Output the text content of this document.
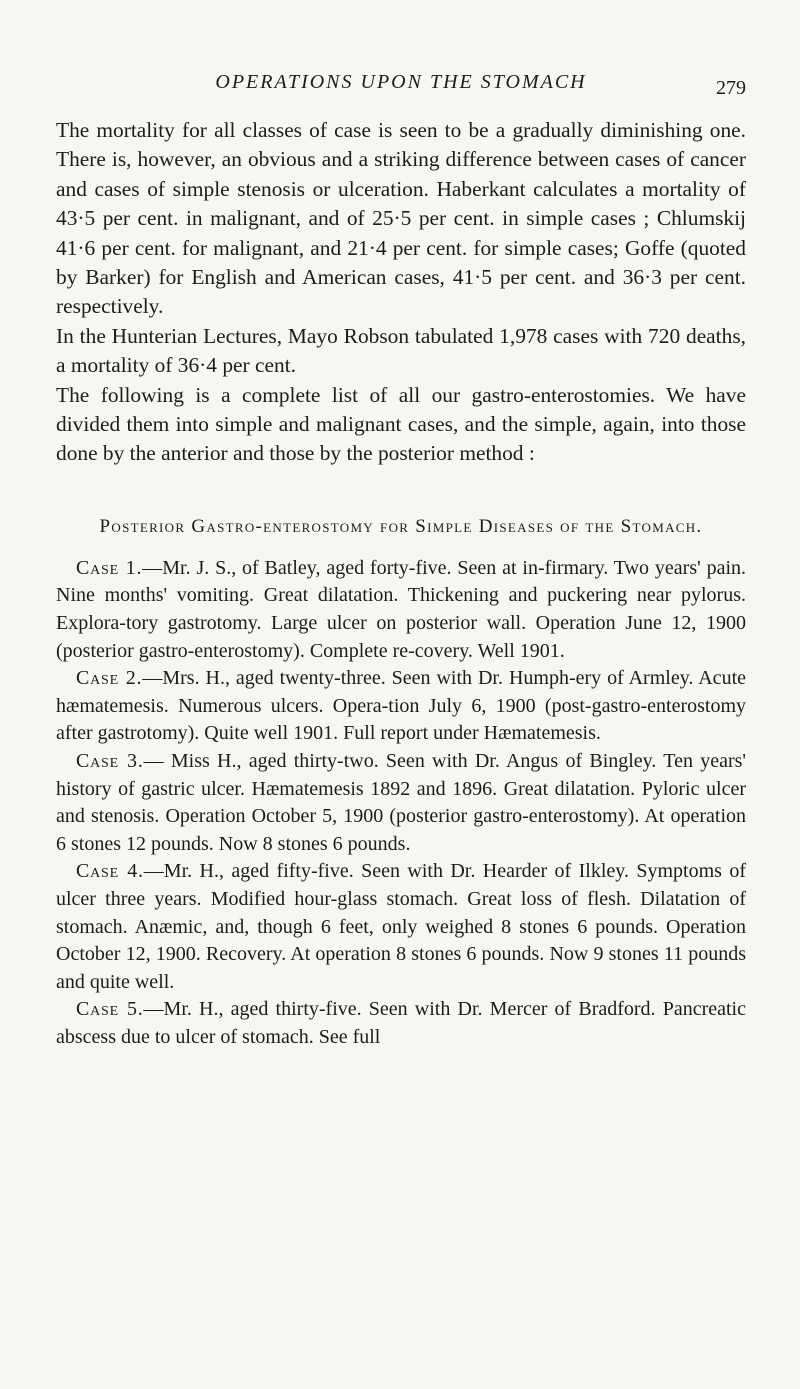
OPERATIONS UPON THE STOMACH	279

The mortality for all classes of case is seen to be a gradually diminishing one. There is, however, an obvious and a striking difference between cases of cancer and cases of simple stenosis or ulceration. Haberkant calculates a mortality of 43·5 per cent. in malignant, and of 25·5 per cent. in simple cases ; Chlumskij 41·6 per cent. for malignant, and 21·4 per cent. for simple cases; Goffe (quoted by Barker) for English and American cases, 41·5 per cent. and 36·3 per cent. respectively.

In the Hunterian Lectures, Mayo Robson tabulated 1,978 cases with 720 deaths, a mortality of 36·4 per cent.

The following is a complete list of all our gastro-enterostomies. We have divided them into simple and malignant cases, and the simple, again, into those done by the anterior and those by the posterior method :

Posterior Gastro-enterostomy for Simple Diseases of the Stomach.

Case 1.—Mr. J. S., of Batley, aged forty-five. Seen at in-firmary. Two years' pain. Nine months' vomiting. Great dilatation. Thickening and puckering near pylorus. Explora-tory gastrotomy. Large ulcer on posterior wall. Operation June 12, 1900 (posterior gastro-enterostomy). Complete re-covery. Well 1901.

Case 2.—Mrs. H., aged twenty-three. Seen with Dr. Humph-ery of Armley. Acute hæmatemesis. Numerous ulcers. Opera-tion July 6, 1900 (post-gastro-enterostomy after gastrotomy). Quite well 1901. Full report under Hæmatemesis.

Case 3.— Miss H., aged thirty-two. Seen with Dr. Angus of Bingley. Ten years' history of gastric ulcer. Hæmatemesis 1892 and 1896. Great dilatation. Pyloric ulcer and stenosis. Operation October 5, 1900 (posterior gastro-enterostomy). At operation 6 stones 12 pounds. Now 8 stones 6 pounds.

Case 4.—Mr. H., aged fifty-five. Seen with Dr. Hearder of Ilkley. Symptoms of ulcer three years. Modified hour-glass stomach. Great loss of flesh. Dilatation of stomach. Anæmic, and, though 6 feet, only weighed 8 stones 6 pounds. Operation October 12, 1900. Recovery. At operation 8 stones 6 pounds. Now 9 stones 11 pounds and quite well.

Case 5.—Mr. H., aged thirty-five. Seen with Dr. Mercer of Bradford. Pancreatic abscess due to ulcer of stomach. See full
